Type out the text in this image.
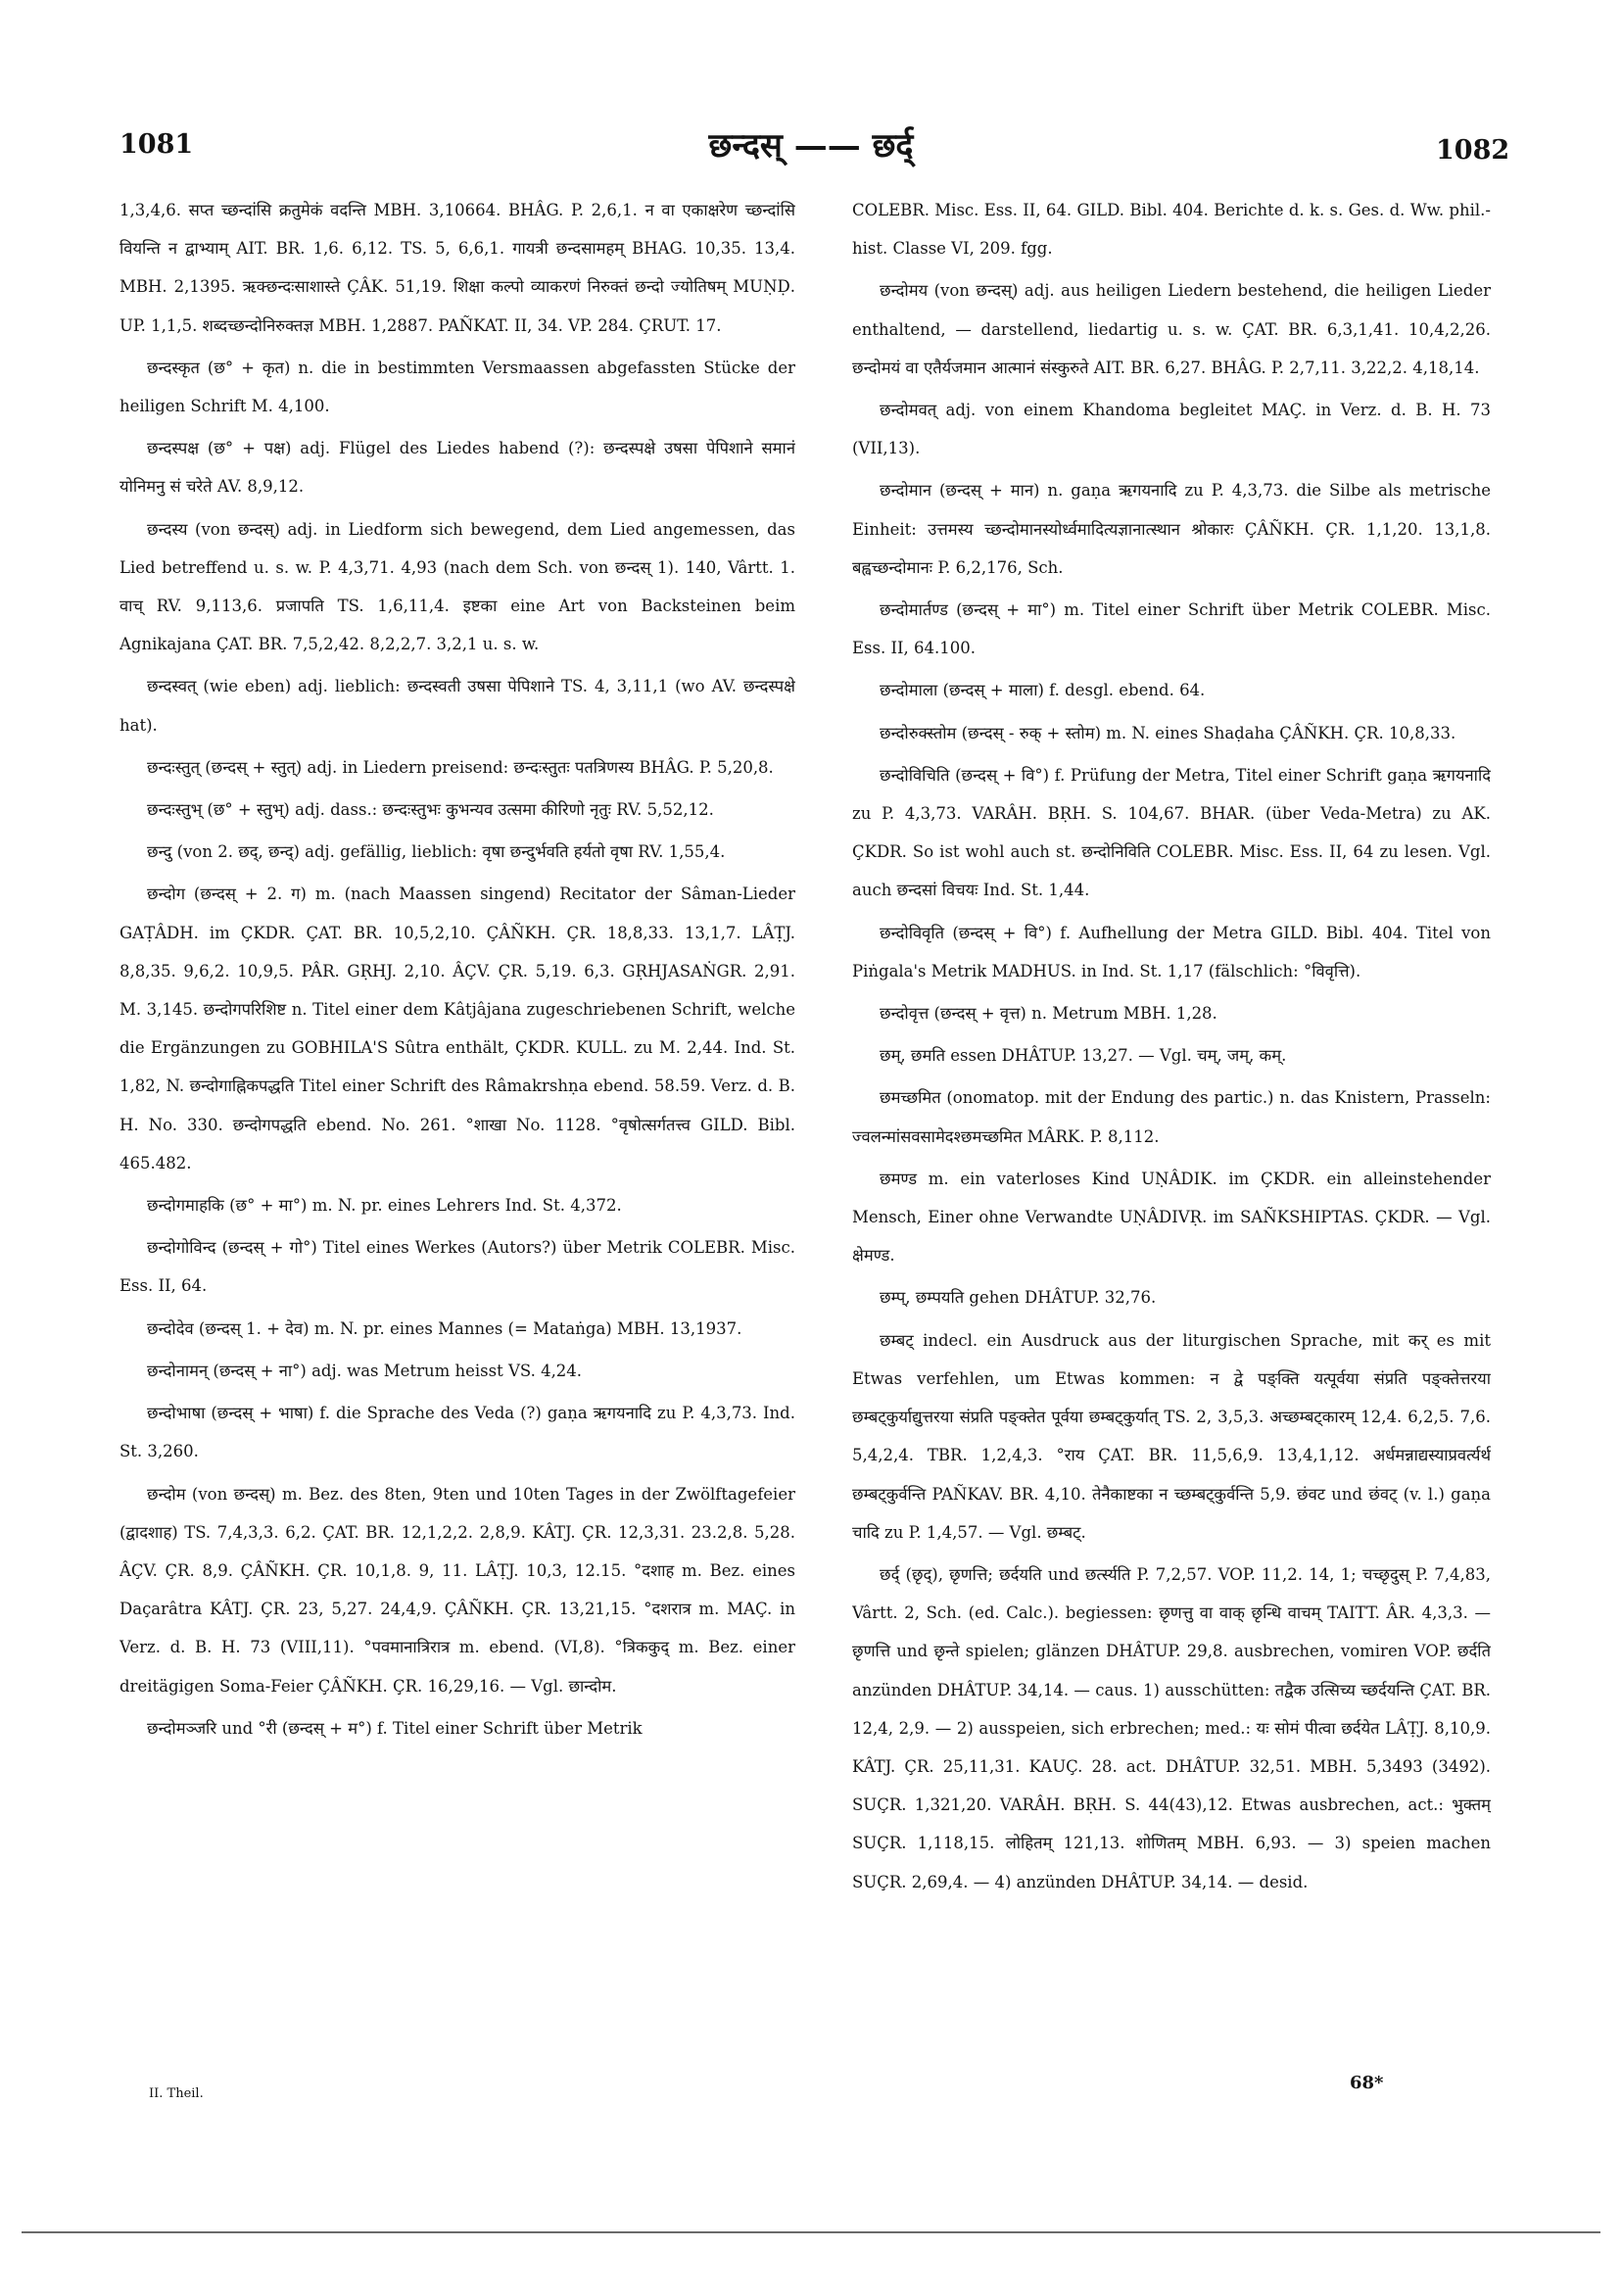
1081	छन्दस् —— छर्द्	1082

1,3,4,6. सप्त च्छन्दांसि क्रतुमेकं वदन्ति MBH. 3,10664. BHÂG. P. 2,6,1. न वा एकाक्षरेण च्छन्दांसि वियन्ति न द्वाभ्याम् AIT. BR. 1,6. 6,12. TS. 5, 6,6,1. गायत्री छन्दसामहम् BHAG. 10,35. 13,4. MBH. 2,1395. ऋक्छन्दःसाशास्ते ÇÂK. 51,19. शिक्षा कल्पो व्याकरणं निरुक्तं छन्दो ज्योतिषम् MUṆḌ. UP. 1,1,5. शब्दच्छन्दोनिरुक्तज्ञ MBH. 1,2887. PAÑKAT. II, 34. VP. 284. ÇRUT. 17.

छन्दस्कृत (छ° + कृत) n. die in bestimmten Versmaassen abgefassten Stücke der heiligen Schrift M. 4,100.

छन्दस्पक्ष (छ° + पक्ष) adj. Flügel des Liedes habend (?): छन्दस्पक्षे उषसा पेपिशाने समानं योनिमनु सं चरेते AV. 8,9,12.

छन्दस्य (von छन्दस्) adj. in Liedform sich bewegend, dem Lied angemessen, das Lied betreffend u. s. w. P. 4,3,71. 4,93 (nach dem Sch. von छन्दस् 1). 140, Vârtt. 1. वाच् RV. 9,113,6. प्रजापति TS. 1,6,11,4. इष्टका eine Art von Backsteinen beim Agnikajana ÇAT. BR. 7,5,2,42. 8,2,2,7. 3,2,1 u. s. w.

छन्दस्वत् (wie eben) adj. lieblich: छन्दस्वती उषसा पेपिशाने TS. 4, 3,11,1 (wo AV. छन्दस्पक्षे hat).

छन्दःस्तुत् (छन्दस् + स्तुत्) adj. in Liedern preisend: छन्दःस्तुतः पतत्रिणस्य BHÂG. P. 5,20,8.

छन्दःस्तुभ् (छ° + स्तुभ्) adj. dass.: छन्दःस्तुभः कुभन्यव उत्समा कीरिणो नृतुः RV. 5,52,12.

छन्दु (von 2. छद्, छन्द्) adj. gefällig, lieblich: वृषा छन्दुर्भवति हर्यतो वृषा RV. 1,55,4.

छन्दोग (छन्दस् + 2. ग) m. (nach Maassen singend) Recitator der Sâman-Lieder GAṬÂDH. im ÇKDR. ÇAT. BR. 10,5,2,10. ÇÂÑKH. ÇR. 18,8,33. 13,1,7. LÂṬJ. 8,8,35. 9,6,2. 10,9,5. PÂR. GṚHJ. 2,10. ÂÇV. ÇR. 5,19. 6,3. GṚHJASAṄGR. 2,91. M. 3,145. छन्दोगपरिशिष्ट n. Titel einer dem Kâtjâjana zugeschriebenen Schrift, welche die Ergänzungen zu GOBHILA'S Sûtra enthält, ÇKDR. KULL. zu M. 2,44. Ind. St. 1,82, N. छन्दोगाह्निकपद्धति Titel einer Schrift des Râmakrshṇa ebend. 58.59. Verz. d. B. H. No. 330. छन्दोगपद्धति ebend. No. 261. °शाखा No. 1128. °वृषोत्सर्गतत्त्व GILD. Bibl. 465.482.

छन्दोगमाहकि (छ° + मा°) m. N. pr. eines Lehrers Ind. St. 4,372.

छन्दोगोविन्द (छन्दस् + गो°) Titel eines Werkes (Autors?) über Metrik COLEBR. Misc. Ess. II, 64.

छन्दोदेव (छन्दस् 1. + देव) m. N. pr. eines Mannes (= Mataṅga) MBH. 13,1937.

छन्दोनामन् (छन्दस् + ना°) adj. was Metrum heisst VS. 4,24.

छन्दोभाषा (छन्दस् + भाषा) f. die Sprache des Veda (?) gaṇa ऋगयनादि zu P. 4,3,73. Ind. St. 3,260.

छन्दोम (von छन्दस्) m. Bez. des 8ten, 9ten und 10ten Tages in der Zwölftagefeier (द्वादशाह) TS. 7,4,3,3. 6,2. ÇAT. BR. 12,1,2,2. 2,8,9. KÂTJ. ÇR. 12,3,31. 23.2,8. 5,28. ÂÇV. ÇR. 8,9. ÇÂÑKH. ÇR. 10,1,8. 9, 11. LÂṬJ. 10,3, 12.15. °दशाह m. Bez. eines Daçarâtra KÂTJ. ÇR. 23, 5,27. 24,4,9. ÇÂÑKH. ÇR. 13,21,15. °दशरात्र m. MAÇ. in Verz. d. B. H. 73 (VIII,11). °पवमानात्रिरात्र m. ebend. (VI,8). °त्रिककुद् m. Bez. einer dreitägigen Soma-Feier ÇÂÑKH. ÇR. 16,29,16. — Vgl. छान्दोम.

छन्दोमञ्जरि und °री (छन्दस् + म°) f. Titel einer Schrift über Metrik

COLEBR. Misc. Ess. II, 64. GILD. Bibl. 404. Berichte d. k. s. Ges. d. Ww. phil.-hist. Classe VI, 209. fgg.

छन्दोमय (von छन्दस्) adj. aus heiligen Liedern bestehend, die heiligen Lieder enthaltend, — darstellend, liedartig u. s. w. ÇAT. BR. 6,3,1,41. 10,4,2,26. छन्दोमयं वा एतैर्यजमान आत्मानं संस्कुरुते AIT. BR. 6,27. BHÂG. P. 2,7,11. 3,22,2. 4,18,14.

छन्दोमवत् adj. von einem Khandoma begleitet MAÇ. in Verz. d. B. H. 73 (VII,13).

छन्दोमान (छन्दस् + मान) n. gaṇa ऋगयनादि zu P. 4,3,73. die Silbe als metrische Einheit: उत्तमस्य च्छन्दोमानस्योर्ध्वमादित्यज्ञानात्स्थान श्रोकारः ÇÂÑKH. ÇR. 1,1,20. 13,1,8. बह्वच्छन्दोमानः P. 6,2,176, Sch.

छन्दोमार्तण्ड (छन्दस् + मा°) m. Titel einer Schrift über Metrik COLEBR. Misc. Ess. II, 64.100.

छन्दोमाला (छन्दस् + माला) f. desgl. ebend. 64.

छन्दोरुक्स्तोम (छन्दस् - रुक् + स्तोम) m. N. eines Shaḍaha ÇÂÑKH. ÇR. 10,8,33.

छन्दोविचिति (छन्दस् + वि°) f. Prüfung der Metra, Titel einer Schrift gaṇa ऋगयनादि zu P. 4,3,73. VARÂH. BṚH. S. 104,67. BHAR. (über Veda-Metra) zu AK. ÇKDR. So ist wohl auch st. छन्दोनिविति COLEBR. Misc. Ess. II, 64 zu lesen. Vgl. auch छन्दसां विचयः Ind. St. 1,44.

छन्दोविवृति (छन्दस् + वि°) f. Aufhellung der Metra GILD. Bibl. 404. Titel von Piṅgala's Metrik MADHUS. in Ind. St. 1,17 (fälschlich: °विवृत्ति).

छन्दोवृत्त (छन्दस् + वृत्त) n. Metrum MBH. 1,28.

छम्, छमति essen DHÂTUP. 13,27. — Vgl. चम्, जम्, कम्.

छमच्छमित (onomatop. mit der Endung des partic.) n. das Knistern, Prasseln: ज्वलन्मांसवसामेदश्छमच्छमित MÂRK. P. 8,112.

छमण्ड m. ein vaterloses Kind UṆÂDIK. im ÇKDR. ein alleinstehender Mensch, Einer ohne Verwandte UṆÂDIVṚ. im SAÑKSHIPTAS. ÇKDR. — Vgl. क्षेमण्ड.

छम्प्, छम्पयति gehen DHÂTUP. 32,76.

छम्बट् indecl. ein Ausdruck aus der liturgischen Sprache, mit कर् es mit Etwas verfehlen, um Etwas kommen: न द्वे पङ्क्ति यत्पूर्वया संप्रति पङ्क्तेत्तरया छम्बट्कुर्याद्युत्तरया संप्रति पङ्क्तेत पूर्वया छम्बट्कुर्यात् TS. 2, 3,5,3. अच्छम्बट्कारम् 12,4. 6,2,5. 7,6. 5,4,2,4. TBR. 1,2,4,3. °राय ÇAT. BR. 11,5,6,9. 13,4,1,12. अर्धमन्नाद्यस्याप्रवर्त्यर्थ छम्बट्कुर्वन्ति PAÑKAV. BR. 4,10. तेनैकाष्टका न च्छम्बट्कुर्वन्ति 5,9. छंवट und छंवट् (v. l.) gaṇa चादि zu P. 1,4,57. — Vgl. छम्बट्.

छर्द् (छृद्), छृणत्ति; छर्दयति und छर्त्स्यति P. 7,2,57. VOP. 11,2. 14, 1; चच्छृदुस् P. 7,4,83, Vârtt. 2, Sch. (ed. Calc.). begiessen: छृणत्तु वा वाक् छृन्धि वाचम् TAITT. ÂR. 4,3,3. — छृणत्ति und छृन्ते spielen; glänzen DHÂTUP. 29,8. ausbrechen, vomiren VOP. छर्दति anzünden DHÂTUP. 34,14. — caus. 1) ausschütten: तद्वैक उत्सिच्य च्छर्दयन्ति ÇAT. BR. 12,4, 2,9. — 2) ausspeien, sich erbrechen; med.: यः सोमं पीत्वा छर्दयेत LÂṬJ. 8,10,9. KÂTJ. ÇR. 25,11,31. KAUÇ. 28. act. DHÂTUP. 32,51. MBH. 5,3493 (3492). SUÇR. 1,321,20. VARÂH. BṚH. S. 44(43),12. Etwas ausbrechen, act.: भुक्तम् SUÇR. 1,118,15. लोहितम् 121,13. शोणितम् MBH. 6,93. — 3) speien machen SUÇR. 2,69,4. — 4) anzünden DHÂTUP. 34,14. — desid.

68*
II. Theil.
